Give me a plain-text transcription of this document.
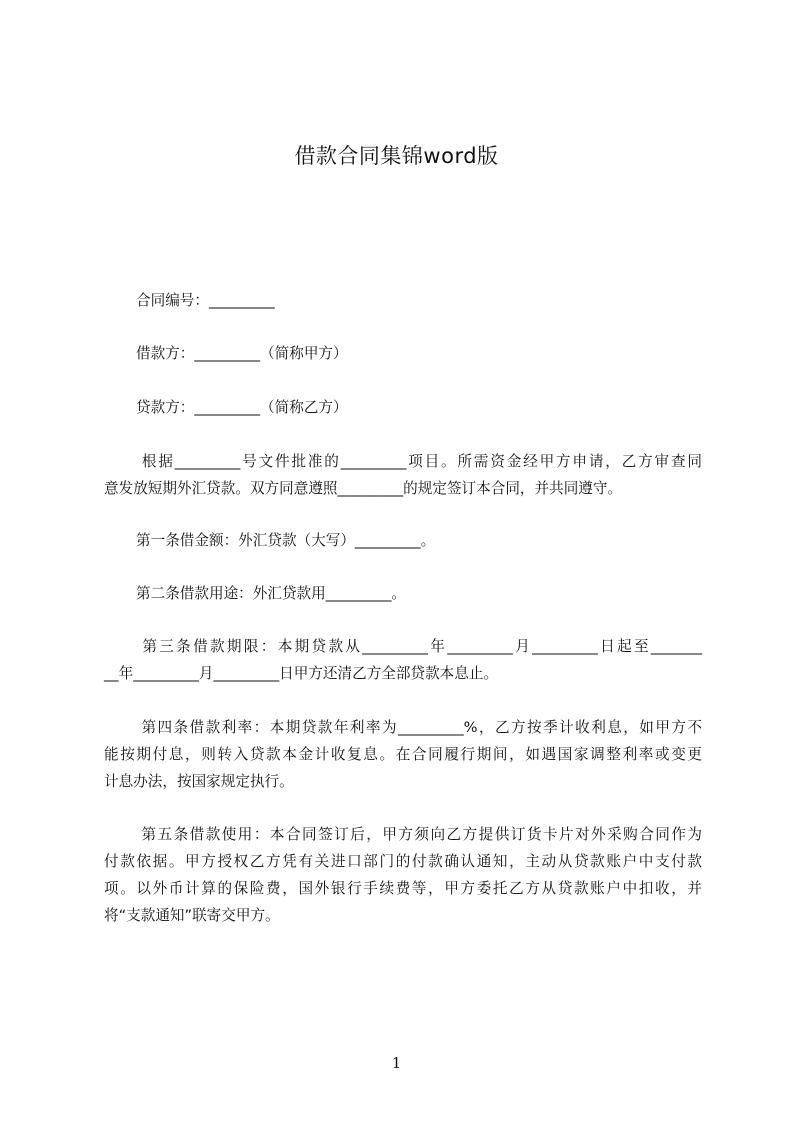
借款合同集锦word版
合同编号：_________
借款方：_________（简称甲方）
贷款方：_________（简称乙方）
根据_________号文件批准的_________项目。所需资金经甲方申请，乙方审查同
意发放短期外汇贷款。双方同意遵照_________的规定签订本合同，并共同遵守。
第一条借金额：外汇贷款（大写）_________。
第二条借款用途：外汇贷款用_________。
第三条借款期限：本期贷款从_________年_________月_________日起至_______
__年_________月_________日甲方还清乙方全部贷款本息止。
第四条借款利率：本期贷款年利率为_________%，乙方按季计收利息，如甲方不
能按期付息，则转入贷款本金计收复息。在合同履行期间，如遇国家调整利率或变更
计息办法，按国家规定执行。
第五条借款使用：本合同签订后，甲方须向乙方提供订货卡片对外采购合同作为
付款依据。甲方授权乙方凭有关进口部门的付款确认通知，主动从贷款账户中支付款
项。以外币计算的保险费，国外银行手续费等，甲方委托乙方从贷款账户中扣收，并
将“支款通知”联寄交甲方。
1
